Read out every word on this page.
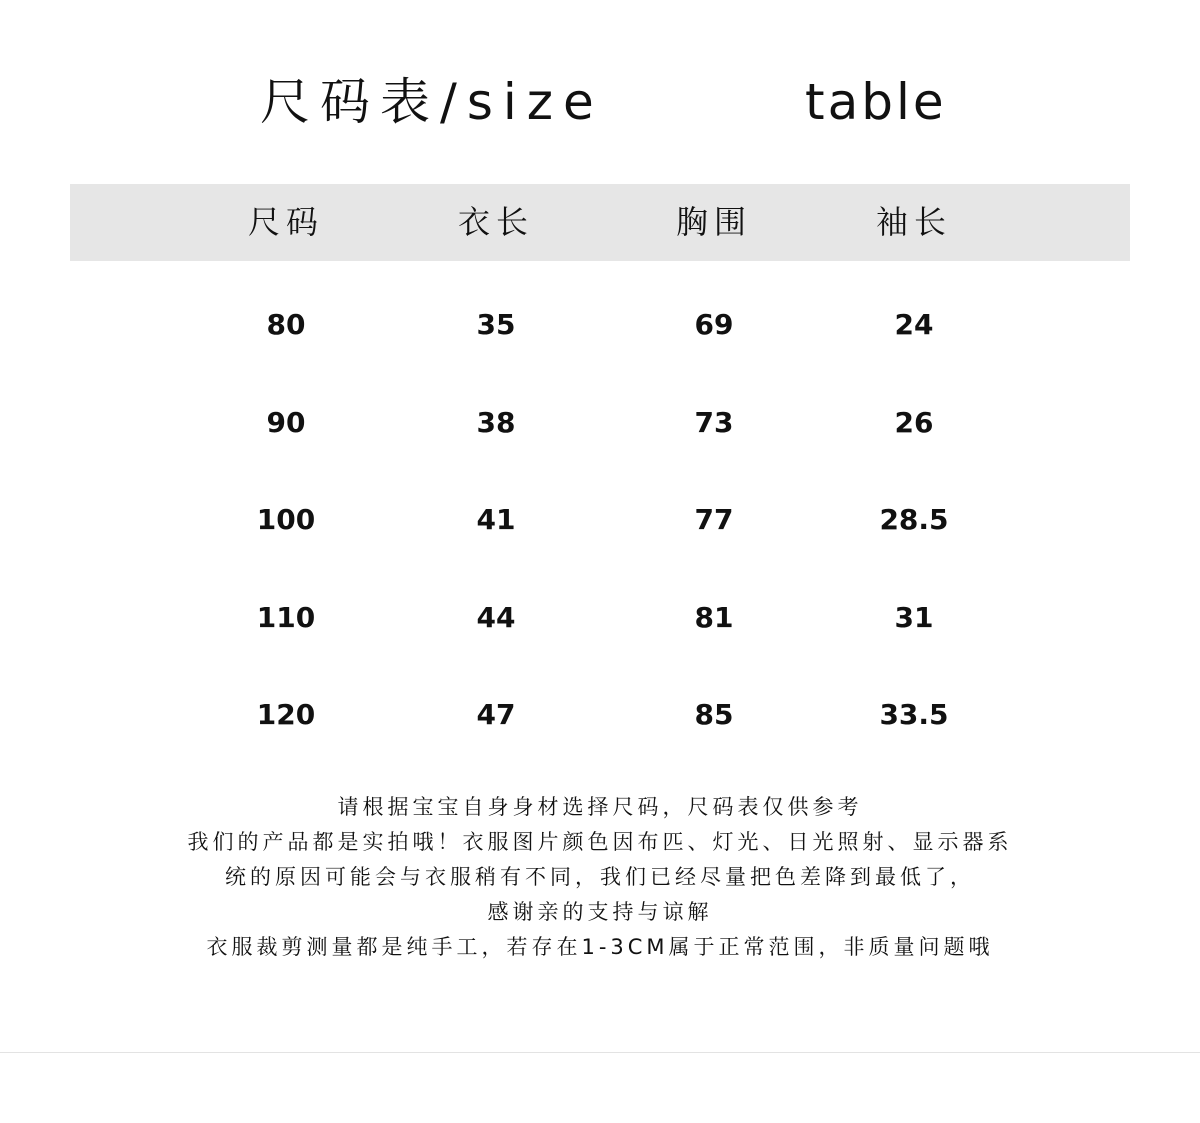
尺码表/size	table
尺码	衣长	胸围	袖长
80	35	69	24
90	38	73	26
100	41	77	28.5
110	44	81	31
120	47	85	33.5

请根据宝宝自身身材选择尺码，尺码表仅供参考

我们的产品都是实拍哦！衣服图片颜色因布匹、灯光、日光照射、显示器系

统的原因可能会与衣服稍有不同，我们已经尽量把色差降到最低了，

感谢亲的支持与谅解

衣服裁剪测量都是纯手工，若存在1-3CM属于正常范围，非质量问题哦
